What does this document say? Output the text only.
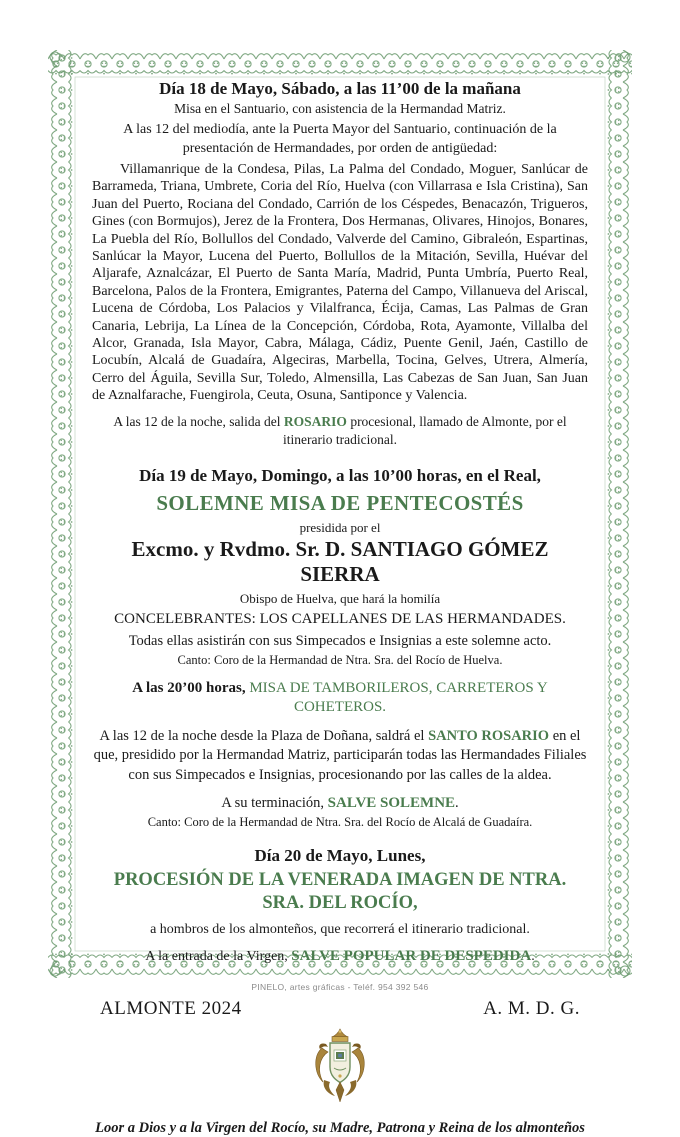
Día 18 de Mayo, Sábado, a las 11’00 de la mañana

Misa en el Santuario, con asistencia de la Hermandad Matriz.

A las 12 del mediodía, ante la Puerta Mayor del Santuario, continuación de la presentación de Hermandades, por orden de antigüedad:

Villamanrique de la Condesa, Pilas, La Palma del Condado, Moguer, Sanlúcar de Barrameda, Triana, Umbrete, Coria del Río, Huelva (con Villarrasa e Isla Cristina), San Juan del Puerto, Rociana del Condado, Carrión de los Céspedes, Benacazón, Trigueros, Gines (con Bormujos), Jerez de la Frontera, Dos Hermanas, Olivares, Hinojos, Bonares, La Puebla del Río, Bollullos del Condado, Valverde del Camino, Gibraleón, Espartinas, Sanlúcar la Mayor, Lucena del Puerto, Bollullos de la Mitación, Sevilla, Huévar del Aljarafe, Aznalcázar, El Puerto de Santa María, Madrid, Punta Umbría, Puerto Real, Barcelona, Palos de la Frontera, Emigrantes, Paterna del Campo, Villanueva del Ariscal, Lucena de Córdoba, Los Palacios y Vilalfranca, Écija, Camas, Las Palmas de Gran Canaria, Lebrija, La Línea de la Concepción, Córdoba, Rota, Ayamonte, Villalba del Alcor, Granada, Isla Mayor, Cabra, Málaga, Cádiz, Puente Genil, Jaén, Castillo de Locubín, Alcalá de Guadaíra, Algeciras, Marbella, Tocina, Gelves, Utrera, Almería, Cerro del Águila, Sevilla Sur, Toledo, Almensilla, Las Cabezas de San Juan, San Juan de Aznalfarache, Fuengirola, Ceuta, Osuna, Santiponce y Valencia.

A las 12 de la noche, salida del ROSARIO procesional, llamado de Almonte, por el itinerario tradicional.

Día 19 de Mayo, Domingo, a las 10’00 horas, en el Real,

SOLEMNE MISA DE PENTECOSTÉS

presidida por el

Excmo. y Rvdmo. Sr. D. SANTIAGO GÓMEZ SIERRA

Obispo de Huelva, que hará la homilía

CONCELEBRANTES: LOS CAPELLANES DE LAS HERMANDADES.

Todas ellas asistirán con sus Simpecados e Insignias a este solemne acto.

Canto: Coro de la Hermandad de Ntra. Sra. del Rocío de Huelva.

A las 20’00 horas, MISA DE TAMBORILEROS, CARRETEROS Y COHETEROS.

A las 12 de la noche desde la Plaza de Doñana, saldrá el SANTO ROSARIO en el que, presidido por la Hermandad Matriz, participarán todas las Hermandades Filiales con sus Simpecados e Insignias, procesionando por las calles de la aldea.

A su terminación, SALVE SOLEMNE.

Canto: Coro de la Hermandad de Ntra. Sra. del Rocío de Alcalá de Guadaíra.

Día 20 de Mayo, Lunes,

PROCESIÓN DE LA VENERADA IMAGEN DE NTRA. SRA. DEL ROCÍO,

a hombros de los almonteños, que recorrerá el itinerario tradicional.

A la entrada de la Virgen, SALVE POPULAR DE DESPEDIDA.

ALMONTE 2024	A. M. D. G.

Loor a Dios y a la Virgen del Rocío, su Madre, Patrona y Reina de los almonteños

PINELO, artes gráficas - Teléf. 954 392 546
